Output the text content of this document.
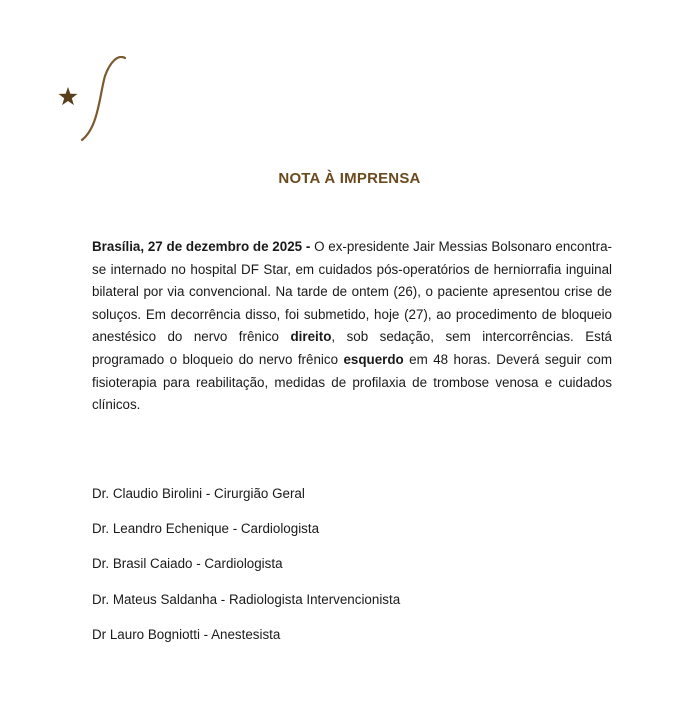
NOTA À IMPRENSA
Brasília, 27 de dezembro de 2025 - O ex-presidente Jair Messias Bolsonaro encontra-se internado no hospital DF Star, em cuidados pós-operatórios de herniorrafia inguinal bilateral por via convencional. Na tarde de ontem (26), o paciente apresentou crise de soluços. Em decorrência disso, foi submetido, hoje (27), ao procedimento de bloqueio anestésico do nervo frênico direito, sob sedação, sem intercorrências. Está programado o bloqueio do nervo frênico esquerdo em 48 horas. Deverá seguir com fisioterapia para reabilitação, medidas de profilaxia de trombose venosa e cuidados clínicos.
Dr. Claudio Birolini - Cirurgião Geral
Dr. Leandro Echenique - Cardiologista
Dr. Brasil Caiado - Cardiologista
Dr. Mateus Saldanha - Radiologista Intervencionista
Dr Lauro Bogniotti - Anestesista
